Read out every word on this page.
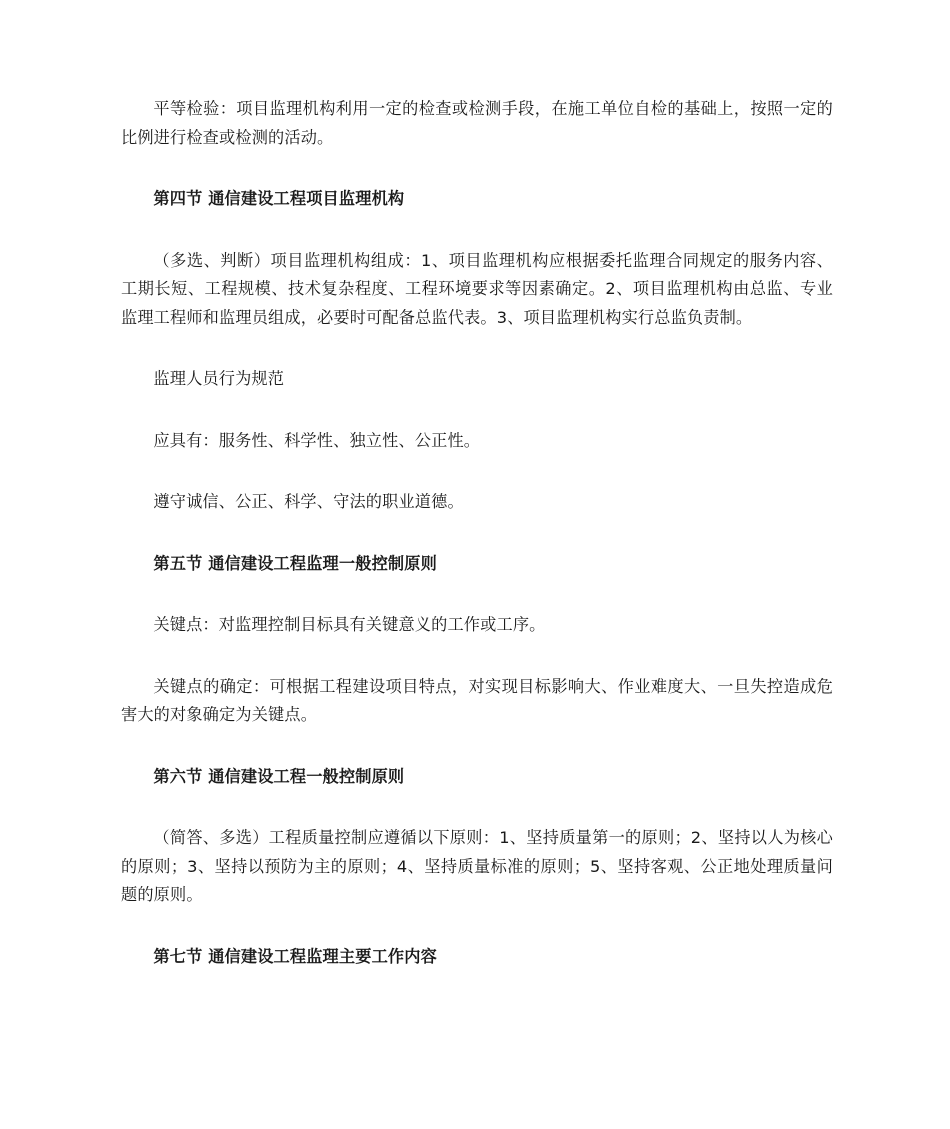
平等检验：项目监理机构利用一定的检查或检测手段，在施工单位自检的基础上，按照一定的比例进行检查或检测的活动。

第四节 通信建设工程项目监理机构

（多选、判断）项目监理机构组成：1、项目监理机构应根据委托监理合同规定的服务内容、工期长短、工程规模、技术复杂程度、工程环境要求等因素确定。2、项目监理机构由总监、专业监理工程师和监理员组成，必要时可配备总监代表。3、项目监理机构实行总监负责制。

监理人员行为规范

应具有：服务性、科学性、独立性、公正性。

遵守诚信、公正、科学、守法的职业道德。

第五节 通信建设工程监理一般控制原则

关键点：对监理控制目标具有关键意义的工作或工序。

关键点的确定：可根据工程建设项目特点，对实现目标影响大、作业难度大、一旦失控造成危害大的对象确定为关键点。

第六节 通信建设工程一般控制原则

（简答、多选）工程质量控制应遵循以下原则：1、坚持质量第一的原则；2、坚持以人为核心的原则；3、坚持以预防为主的原则；4、坚持质量标准的原则；5、坚持客观、公正地处理质量问题的原则。

第七节 通信建设工程监理主要工作内容
